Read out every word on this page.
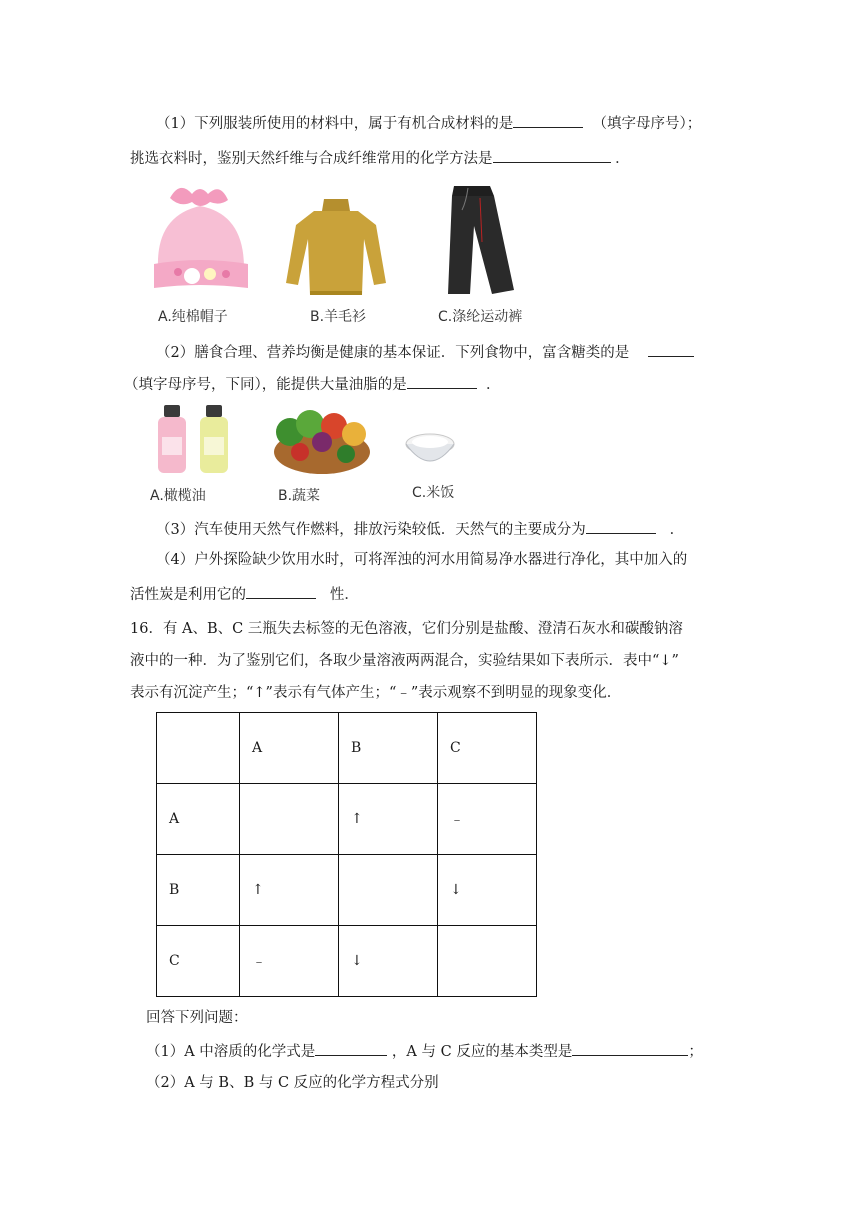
（1）下列服装所使用的材料中，属于有机合成材料的是	（填字母序号）；
挑选衣料时，鉴别天然纤维与合成纤维常用的化学方法是	．
A.纯棉帽子	B.羊毛衫	C.涤纶运动裤
（2）膳食合理、营养均衡是健康的基本保证．下列食物中，富含糖类的是
（填字母序号，下同），能提供大量油脂的是	．
A.橄榄油	B.蔬菜	C.米饭
（3）汽车使用天然气作燃料，排放污染较低．天然气的主要成分为	．
（4）户外探险缺少饮用水时，可将浑浊的河水用简易净水器进行净化，其中加入的
活性炭是利用它的	性．
16．有 A、B、C 三瓶失去标签的无色溶液，它们分别是盐酸、澄清石灰水和碳酸钠溶
液中的一种．为了鉴别它们，各取少量溶液两两混合，实验结果如下表所示．表中“↓”
表示有沉淀产生；“↑”表示有气体产生；“﹣”表示观察不到明显的现象变化．
	A	B	C
A		↑	﹣
B	↑		↓
C	﹣	↓	
回答下列问题：
（1）A 中溶质的化学式是	，A 与 C 反应的基本类型是	；
（2）A 与 B、B 与 C 反应的化学方程式分别
